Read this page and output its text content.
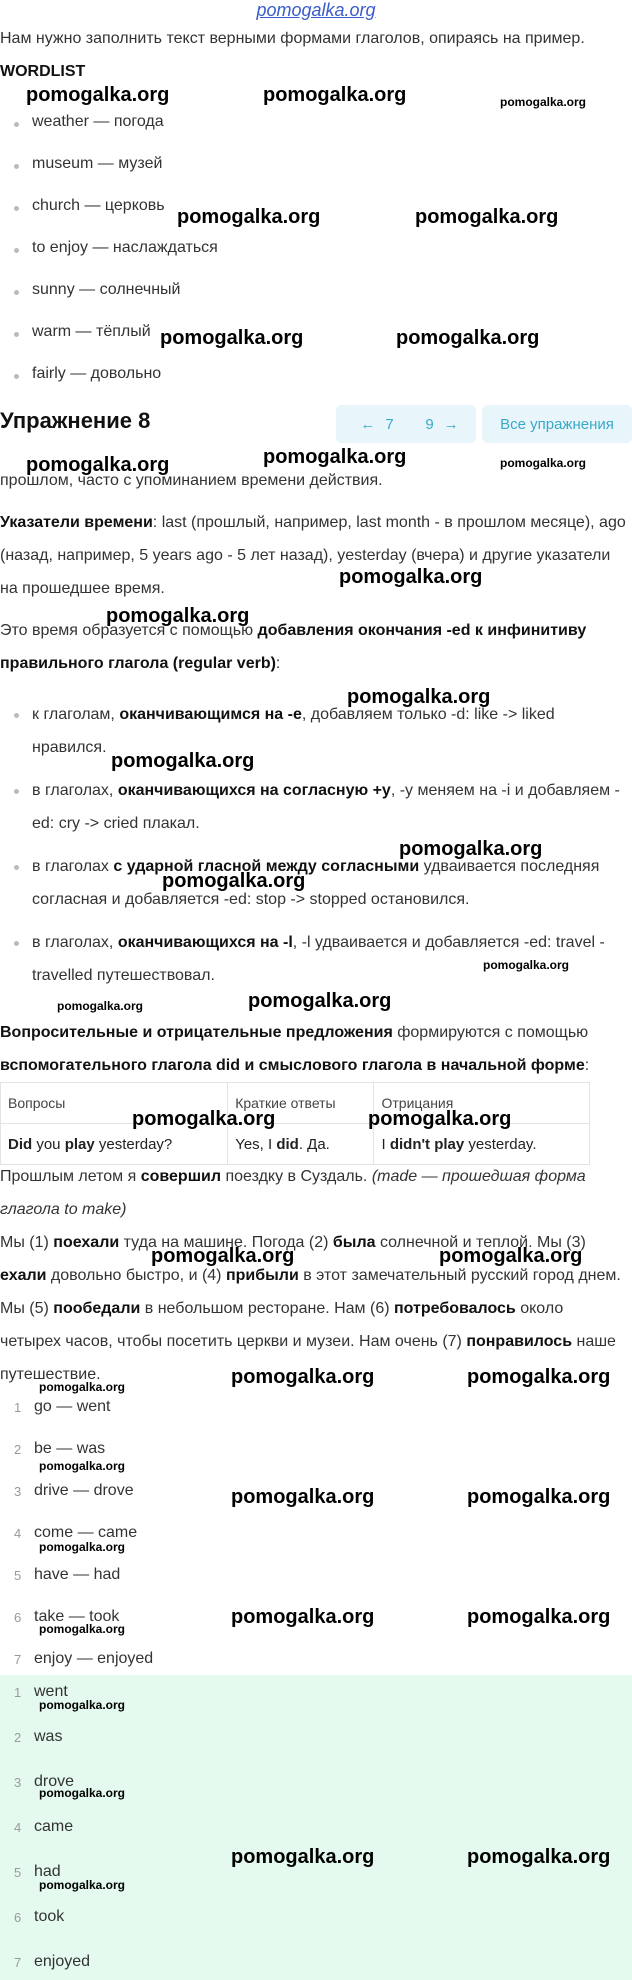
pomogalka.org
Нам нужно заполнить текст верными формами глаголов, опираясь на пример.
WORDLIST
weather — погода
museum — музей
church — церковь
to enjoy — наслаждаться
sunny — солнечный
warm — тёплый
fairly — довольно
Упражнение 8	← 7 9 →	Все упражнения
прошлом, часто с упоминанием времени действия.
Указатели времени: last (прошлый, например, last month - в прошлом месяце), ago (назад, например, 5 years ago - 5 лет назад), yesterday (вчера) и другие указатели на прошедшее время.
Это время образуется с помощью добавления окончания -ed к инфинитиву правильного глагола (regular verb):
к глаголам, оканчивающимся на -e, добавляем только -d: like -> liked нравился.
в глаголах, оканчивающихся на согласную +y, -y меняем на -i и добавляем -ed: cry -> cried плакал.
в глаголах с ударной гласной между согласными удваивается последняя согласная и добавляется -ed: stop -> stopped остановился.
в глаголах, оканчивающихся на -l, -l удваивается и добавляется -ed: travel - travelled путешествовал.
Вопросительные и отрицательные предложения формируются с помощью вспомогательного глагола did и смыслового глагола в начальной форме:
Вопросы	Краткие ответы	Отрицания
Did you play yesterday?	Yes, I did. Да.	I didn't play yesterday.
Прошлым летом я совершил поездку в Суздаль. (made — прошедшая форма глагола to make)
Мы (1) поехали туда на машине. Погода (2) была солнечной и теплой. Мы (3) ехали довольно быстро, и (4) прибыли в этот замечательный русский город днем. Мы (5) пообедали в небольшом ресторане. Нам (6) потребовалось около четырех часов, чтобы посетить церкви и музеи. Нам очень (7) понравилось наше путешествие.
1 go — went
2 be — was
3 drive — drove
4 come — came
5 have — had
6 take — took
7 enjoy — enjoyed
1 went
2 was
3 drove
4 came
5 had
6 took
7 enjoyed
pomogalka.org	pomogalka.org	pomogalka.org
pomogalka.org	pomogalka.org
pomogalka.org	pomogalka.org
pomogalka.org	pomogalka.org	pomogalka.org
pomogalka.org
pomogalka.org
pomogalka.org
pomogalka.org
pomogalka.org
pomogalka.org
pomogalka.org
pomogalka.org
pomogalka.org
pomogalka.org	pomogalka.org
pomogalka.org	pomogalka.org
pomogalka.org	pomogalka.org
pomogalka.org
pomogalka.org
pomogalka.org	pomogalka.org
pomogalka.org
pomogalka.org	pomogalka.org
pomogalka.org
pomogalka.org
pomogalka.org
pomogalka.org	pomogalka.org
pomogalka.org
